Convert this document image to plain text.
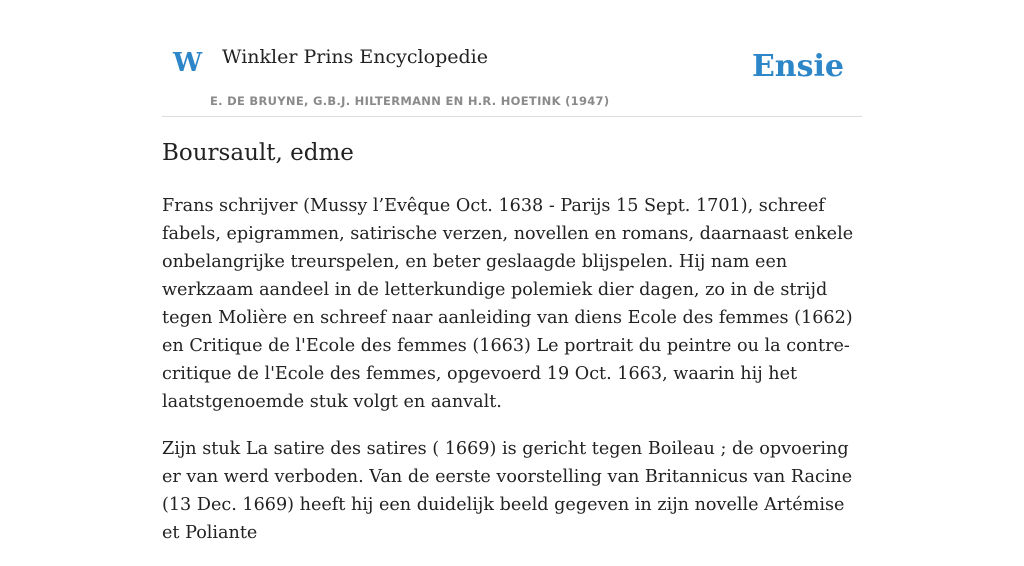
W Winkler Prins Encyclopedie
E. DE BRUYNE, G.B.J. HILTERMANN EN H.R. HOETINK (1947)
Ensie
Boursault, edme

Frans schrijver (Mussy l’Evêque Oct. 1638 - Parijs 15 Sept. 1701), schreef fabels, epigrammen, satirische verzen, novellen en romans, daarnaast enkele onbelangrijke treurspelen, en beter geslaagde blijspelen. Hij nam een werkzaam aandeel in de letterkundige polemiek dier dagen, zo in de strijd tegen Molière en schreef naar aanleiding van diens Ecole des femmes (1662) en Critique de l'Ecole des femmes (1663) Le portrait du peintre ou la contre-critique de l'Ecole des femmes, opgevoerd 19 Oct. 1663, waarin hij het laatstgenoemde stuk volgt en aanvalt.

Zijn stuk La satire des satires ( 1669) is gericht tegen Boileau ; de opvoering er van werd verboden. Van de eerste voorstelling van Britannicus van Racine (13 Dec. 1669) heeft hij een duidelijk beeld gegeven in zijn novelle Artémise et Poliante
